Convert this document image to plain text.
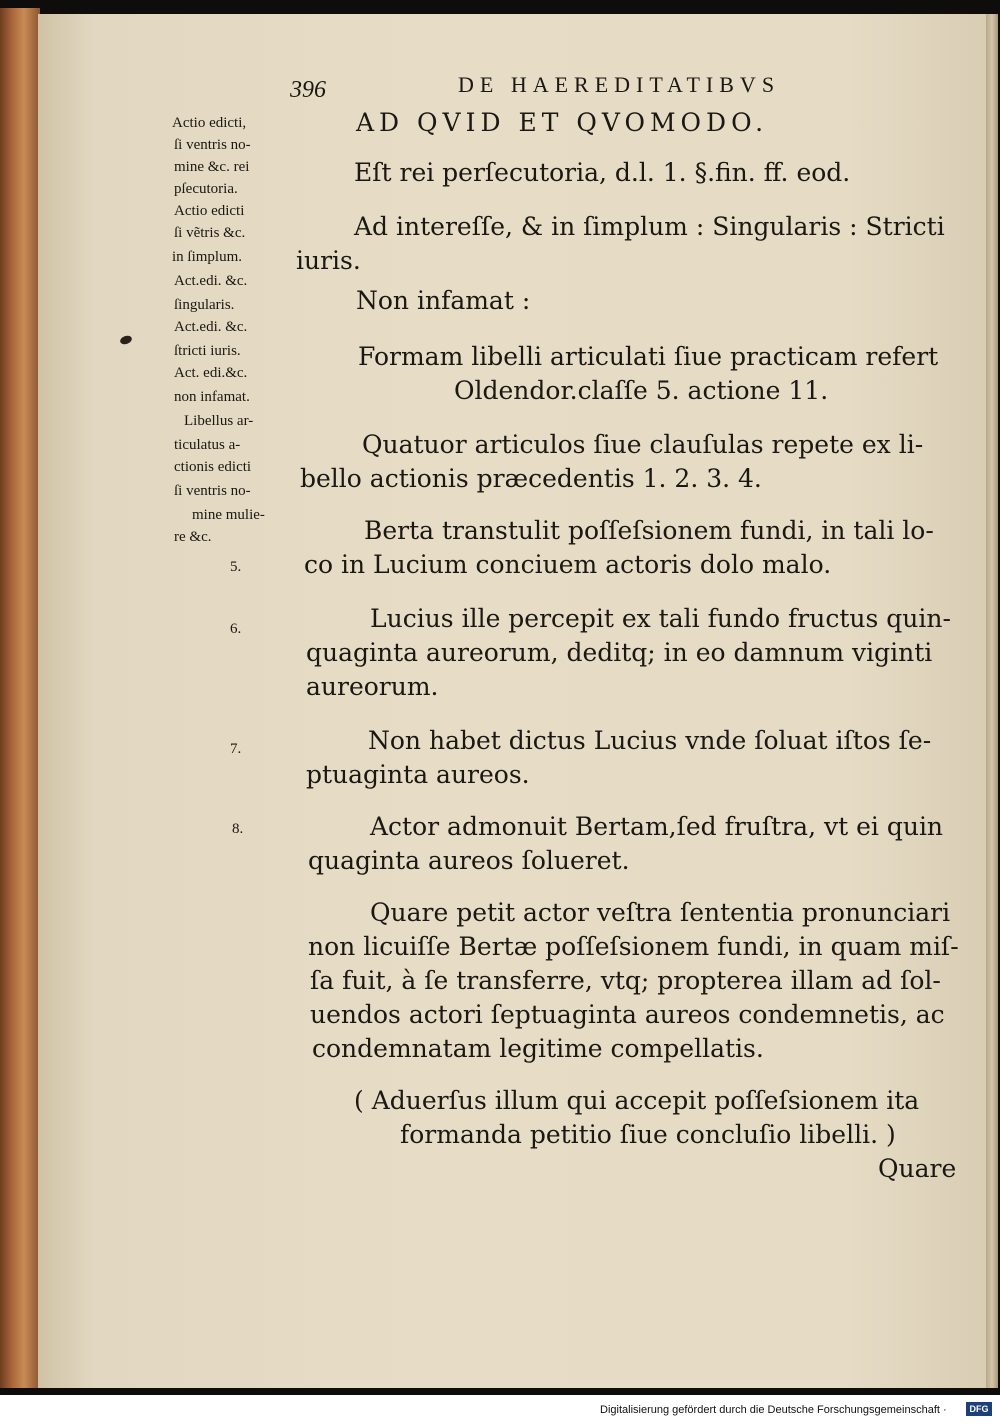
396	DE HAEREDITATIBVS
AD QVID ET QVOMODO.
Eſt rei perſecutoria, d.l. 1. §.fin. ff. eod.
Ad intereſſe, & in ſimplum : Singularis : Stricti
iuris.
Non infamat :
Formam libelli articulati ſiue practicam refert
Oldendor.claſſe 5. actione 11.
Quatuor articulos ſiue clauſulas repete ex li-
bello actionis præcedentis 1. 2. 3. 4.
Berta transtulit poſſeſsionem fundi, in tali lo-
co in Lucium conciuem actoris dolo malo.
Lucius ille percepit ex tali fundo fructus quin-
quaginta aureorum, deditq; in eo damnum viginti
aureorum.
Non habet dictus Lucius vnde ſoluat iſtos ſe-
ptuaginta aureos.
Actor admonuit Bertam,ſed fruſtra, vt ei quin
quaginta aureos ſolueret.
Quare petit actor veſtra ſententia pronunciari
non licuiſſe Bertæ poſſeſsionem fundi, in quam miſ-
ſa fuit, à ſe transferre, vtq; propterea illam ad ſol-
uendos actori ſeptuaginta aureos condemnetis, ac
condemnatam legitime compellatis.
( Aduerſus illum qui accepit poſſeſsionem ita
formanda petitio ſiue concluſio libelli. )
Quare
Actio edicti,
ſi ventris no-
mine &c. rei
pſecutoria.
Actio edicti
ſi vẽtris &c.
in ſimplum.
Act.edi. &c.
ſingularis.
Act.edi. &c.
ſtricti iuris.
Act. edi.&c.
non infamat.
Libellus ar-
ticulatus a-
ctionis edicti
ſi ventris no-
mine mulie-
re &c.
5.
6.
7.
8.
Digitalisierung gefördert durch die Deutsche Forschungsgemeinschaft ·	DFG
